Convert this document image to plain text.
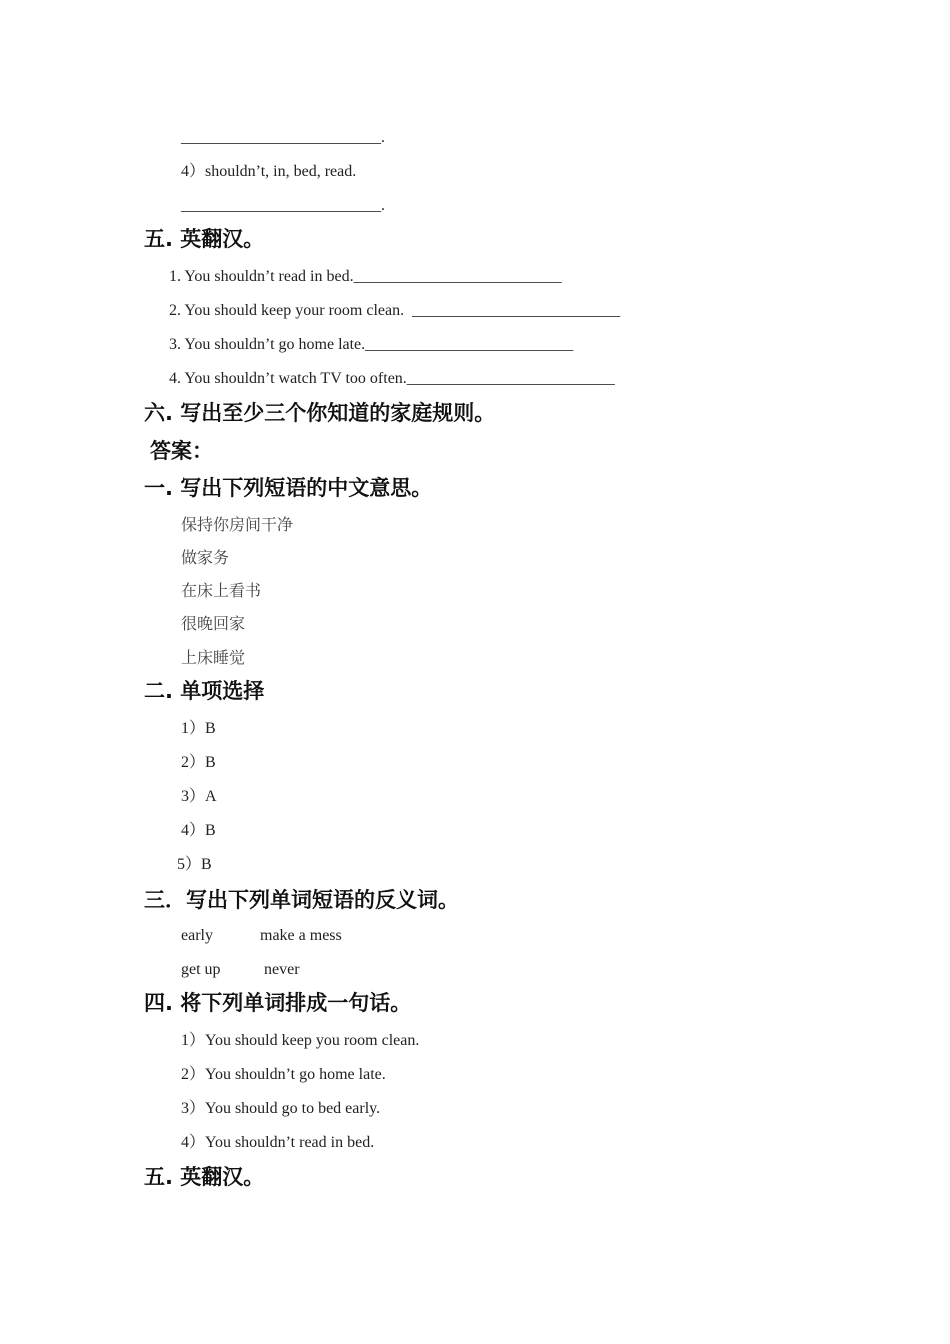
_________________________.
4）shouldn’t, in, bed, read.
_________________________.
五. 英翻汉。
1. You shouldn’t read in bed.__________________________
2. You should keep your room clean.  __________________________
3. You shouldn’t go home late.__________________________
4. You shouldn’t watch TV too often.__________________________
六. 写出至少三个你知道的家庭规则。
答案：
一. 写出下列短语的中文意思。
保持你房间干净
做家务
在床上看书
很晚回家
上床睡觉
二. 单项选择
1）B
2）B
3）A
4）B
5）B
三．写出下列单词短语的反义词。
early	make a mess
get up	never
四. 将下列单词排成一句话。
1）You should keep you room clean.
2）You shouldn’t go home late.
3）You should go to bed early.
4）You shouldn’t read in bed.
五. 英翻汉。
